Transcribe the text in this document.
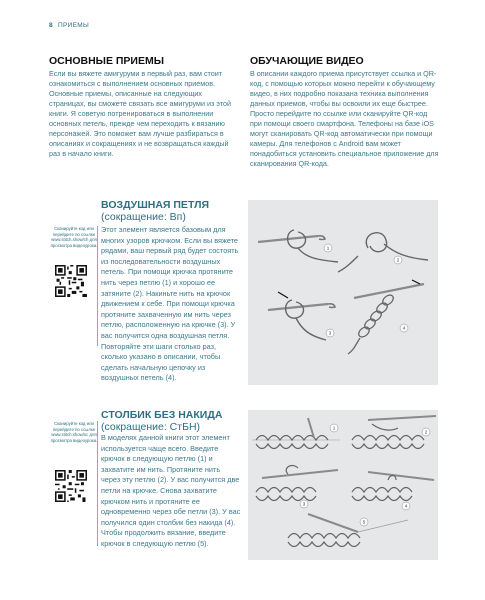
8 ПРИЕМЫ
ОСНОВНЫЕ ПРИЕМЫ
Если вы вяжете амигуруми в первый раз, вам стоит ознакомиться с выполнением основных приемов. Основные приемы, описанные на следующих страницах, вы сможете связать все амигуруми из этой книги. Я советую потренироваться в выполнении основных петель, прежде чем переходить к вязанию персонажей. Это поможет вам лучше разбираться в описаниях и сокращениях и не возвращаться каждый раз в начало книги.
ОБУЧАЮЩИЕ ВИДЕО
В описании каждого приема присутствует ссылка и QR-код, с помощью которых можно перейти к обучающему видео, в них подробно показана техника выполнения данных приемов, чтобы вы освоили их еще быстрее. Просто перейдите по ссылке или сканируйте QR-код при помощи своего смартфона. Телефоны на базе iOS могут сканировать QR-код автоматически при помощи камеры. Для телефонов с Android вам может понадобиться установить специальное приложение для сканирования QR-кода.
ВОЗДУШНАЯ ПЕТЛЯ
(сокращение: Вп)
Сканируйте код или перейдите по ссылке www.stitch.show/ch для просмотра видеоурока.
Этот элемент является базовым для многих узоров крючком. Если вы вяжете рядами, ваш первый ряд будет состоять из последовательности воздушных петель. При помощи крючка протяните нить через петлю (1) и хорошо ее затяните (2). Накиньте нить на крючок движением к себе. При помощи крючка протяните захваченную им нить через петлю, расположенную на крючке (3). У вас получится одна воздушная петля. Повторяйте эти шаги столько раз, сколько указано в описании, чтобы сделать начальную цепочку из воздушных петель (4).
1
2
3
4
СТОЛБИК БЕЗ НАКИДА
(сокращение: СтБН)
Сканируйте код или перейдите по ссылке www.stitch.show/sc для просмотра видеоурока. В моделях данной книги этот элемент используется чаще всего. Введите крючок в следующую петлю (1) и захватите им нить. Протяните нить через эту петлю (2). У вас получится две петли на крючке. Снова захватите крючком нить и протяните ее одновременно через обе петли (3). У вас получился один столбик без накида (4). Чтобы продолжить вязание, введите крючок в следующую петлю (5).
1
2
3	4
5
